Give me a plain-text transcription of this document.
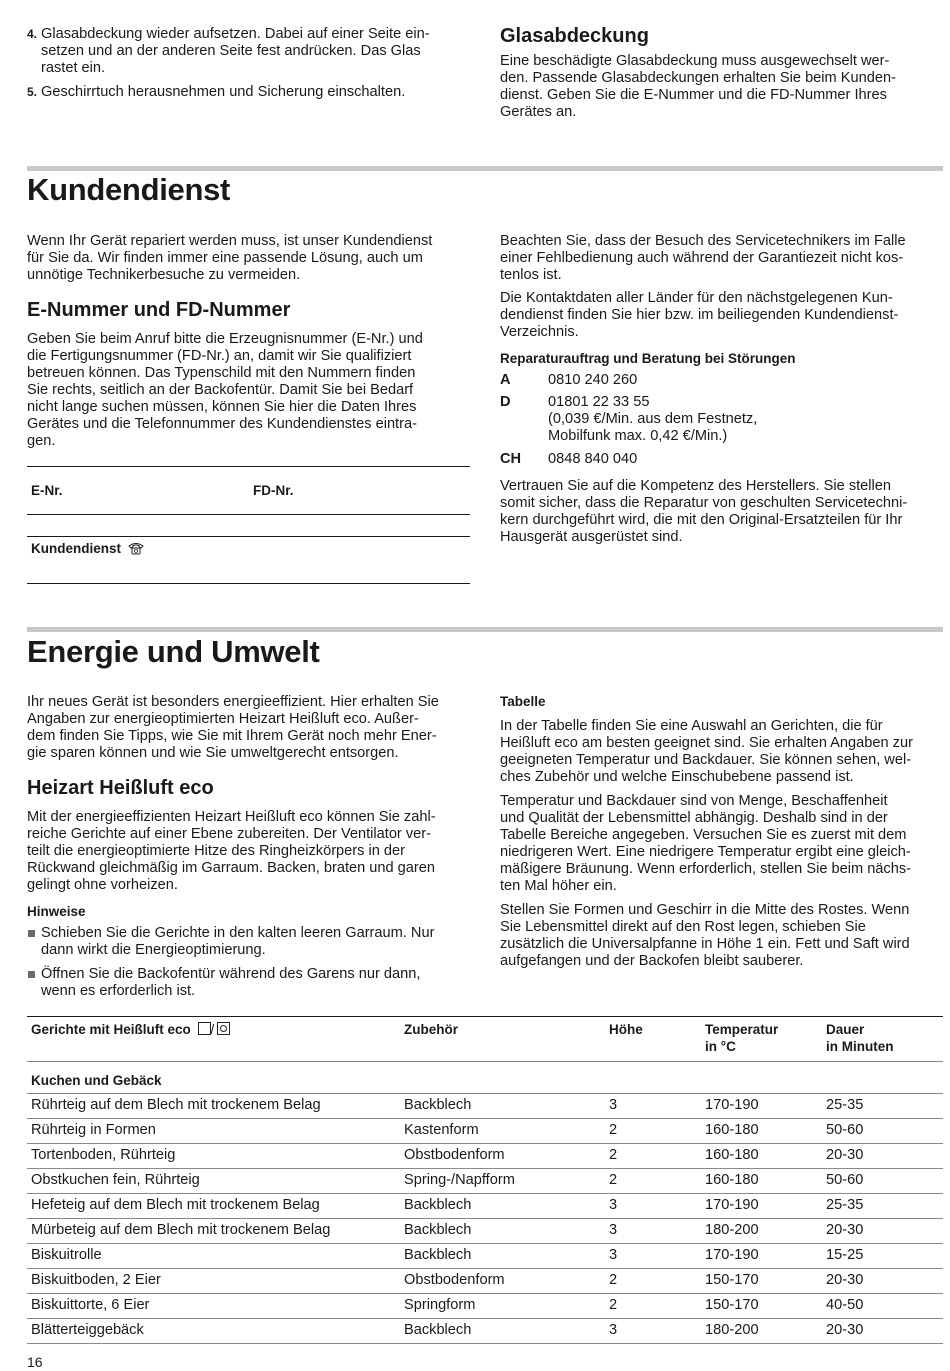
4. Glasabdeckung wieder aufsetzen. Dabei auf einer Seite ein-
setzen und an der anderen Seite fest andrücken. Das Glas
rastet ein.
5. Geschirrtuch herausnehmen und Sicherung einschalten.
Glasabdeckung

Eine beschädigte Glasabdeckung muss ausgewechselt wer-
den. Passende Glasabdeckungen erhalten Sie beim Kunden-
dienst. Geben Sie die E-Nummer und die FD-Nummer Ihres
Gerätes an.

Kundendienst

Wenn Ihr Gerät repariert werden muss, ist unser Kundendienst
für Sie da. Wir finden immer eine passende Lösung, auch um
unnötige Technikerbesuche zu vermeiden.

E-Nummer und FD-Nummer

Geben Sie beim Anruf bitte die Erzeugnisnummer (E-Nr.) und
die Fertigungsnummer (FD-Nr.) an, damit wir Sie qualifiziert
betreuen können. Das Typenschild mit den Nummern finden
Sie rechts, seitlich an der Backofentür. Damit Sie bei Bedarf
nicht lange suchen müssen, können Sie hier die Daten Ihres
Gerätes und die Telefonnummer des Kundendienstes eintra-
gen.

E-Nr.	FD-Nr.
Kundendienst

Beachten Sie, dass der Besuch des Servicetechnikers im Falle
einer Fehlbedienung auch während der Garantiezeit nicht kos-
tenlos ist.

Die Kontaktdaten aller Länder für den nächstgelegenen Kun-
dendienst finden Sie hier bzw. im beiliegenden Kundendienst-
Verzeichnis.

Reparaturauftrag und Beratung bei Störungen
A	0810 240 260
D	01801 22 33 55
(0,039 €/Min. aus dem Festnetz,
Mobilfunk max. 0,42 €/Min.)
CH 0848 840 040

Vertrauen Sie auf die Kompetenz des Herstellers. Sie stellen
somit sicher, dass die Reparatur von geschulten Servicetechni-
kern durchgeführt wird, die mit den Original-Ersatzteilen für Ihr
Hausgerät ausgerüstet sind.

Energie und Umwelt

Ihr neues Gerät ist besonders energieeffizient. Hier erhalten Sie
Angaben zur energieoptimierten Heizart Heißluft eco. Außer-
dem finden Sie Tipps, wie Sie mit Ihrem Gerät noch mehr Ener-
gie sparen können und wie Sie umweltgerecht entsorgen.

Heizart Heißluft eco

Mit der energieeffizienten Heizart Heißluft eco können Sie zahl-
reiche Gerichte auf einer Ebene zubereiten. Der Ventilator ver-
teilt die energieoptimierte Hitze des Ringheizkörpers in der
Rückwand gleichmäßig im Garraum. Backen, braten und garen
gelingt ohne vorheizen.

Hinweise
Schieben Sie die Gerichte in den kalten leeren Garraum. Nur
dann wirkt die Energieoptimierung.
Öffnen Sie die Backofentür während des Garens nur dann,
wenn es erforderlich ist.
Tabelle

In der Tabelle finden Sie eine Auswahl an Gerichten, die für
Heißluft eco am besten geeignet sind. Sie erhalten Angaben zur
geeigneten Temperatur und Backdauer. Sie können sehen, wel-
ches Zubehör und welche Einschubebene passend ist.

Temperatur und Backdauer sind von Menge, Beschaffenheit
und Qualität der Lebensmittel abhängig. Deshalb sind in der
Tabelle Bereiche angegeben. Versuchen Sie es zuerst mit dem
niedrigeren Wert. Eine niedrigere Temperatur ergibt eine gleich-
mäßigere Bräunung. Wenn erforderlich, stellen Sie beim nächs-
ten Mal höher ein.

Stellen Sie Formen und Geschirr in die Mitte des Rostes. Wenn
Sie Lebensmittel direkt auf den Rost legen, schieben Sie
zusätzlich die Universalpfanne in Höhe 1 ein. Fett und Saft wird
aufgefangen und der Backofen bleibt sauberer.

Gerichte mit Heißluft eco /	Zubehör	Höhe	Temperatur
in °C	Dauer
in Minuten
Kuchen und Gebäck				
Rührteig auf dem Blech mit trockenem Belag	Backblech	3	170-190	25-35
Rührteig in Formen	Kastenform	2	160-180	50-60
Tortenboden, Rührteig	Obstbodenform	2	160-180	20-30
Obstkuchen fein, Rührteig	Spring-/Napfform	2	160-180	50-60
Hefeteig auf dem Blech mit trockenem Belag	Backblech	3	170-190	25-35
Mürbeteig auf dem Blech mit trockenem Belag	Backblech	3	180-200	20-30
Biskuitrolle	Backblech	3	170-190	15-25
Biskuitboden, 2 Eier	Obstbodenform	2	150-170	20-30
Biskuittorte, 6 Eier	Springform	2	150-170	40-50
Blätterteiggebäck	Backblech	3	180-200	20-30
16
